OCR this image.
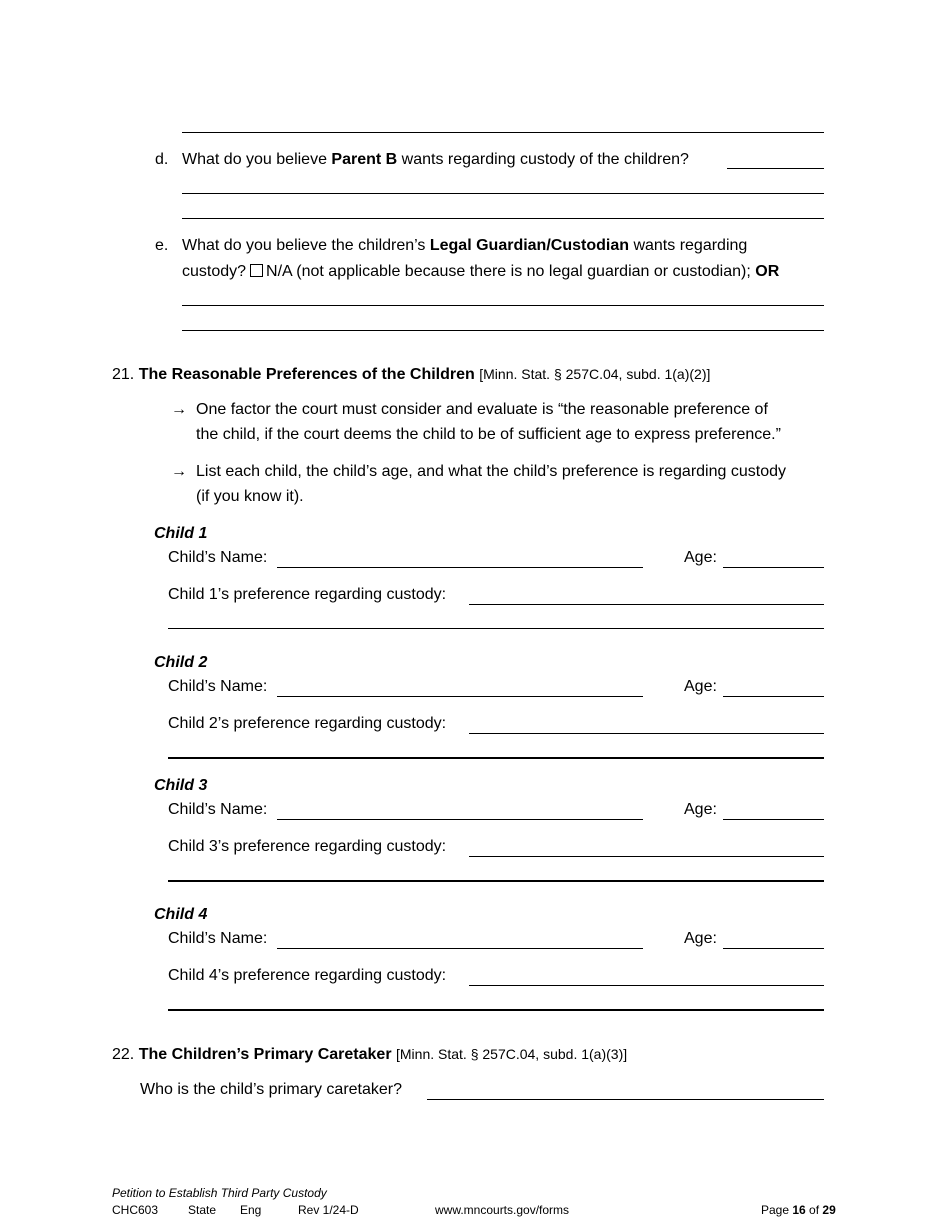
d. What do you believe Parent B wants regarding custody of the children?
e. What do you believe the children’s Legal Guardian/Custodian wants regarding
custody? N/A (not applicable because there is no legal guardian or custodian); OR
21. The Reasonable Preferences of the Children [Minn. Stat. § 257C.04, subd. 1(a)(2)]
→ One factor the court must consider and evaluate is “the reasonable preference of
the child, if the court deems the child to be of sufficient age to express preference.”
→ List each child, the child’s age, and what the child’s preference is regarding custody
(if you know it).
Child 1
Child’s Name:	Age:
Child 1’s preference regarding custody:
Child 2
Child’s Name:	Age:
Child 2’s preference regarding custody:
Child 3
Child’s Name:	Age:
Child 3’s preference regarding custody:
Child 4
Child’s Name:	Age:
Child 4’s preference regarding custody:
22. The Children’s Primary Caretaker [Minn. Stat. § 257C.04, subd. 1(a)(3)]
Who is the child’s primary caretaker?
Petition to Establish Third Party Custody
CHC603 State Eng	Rev 1/24-D	www.mncourts.gov/forms	Page 16 of 29
